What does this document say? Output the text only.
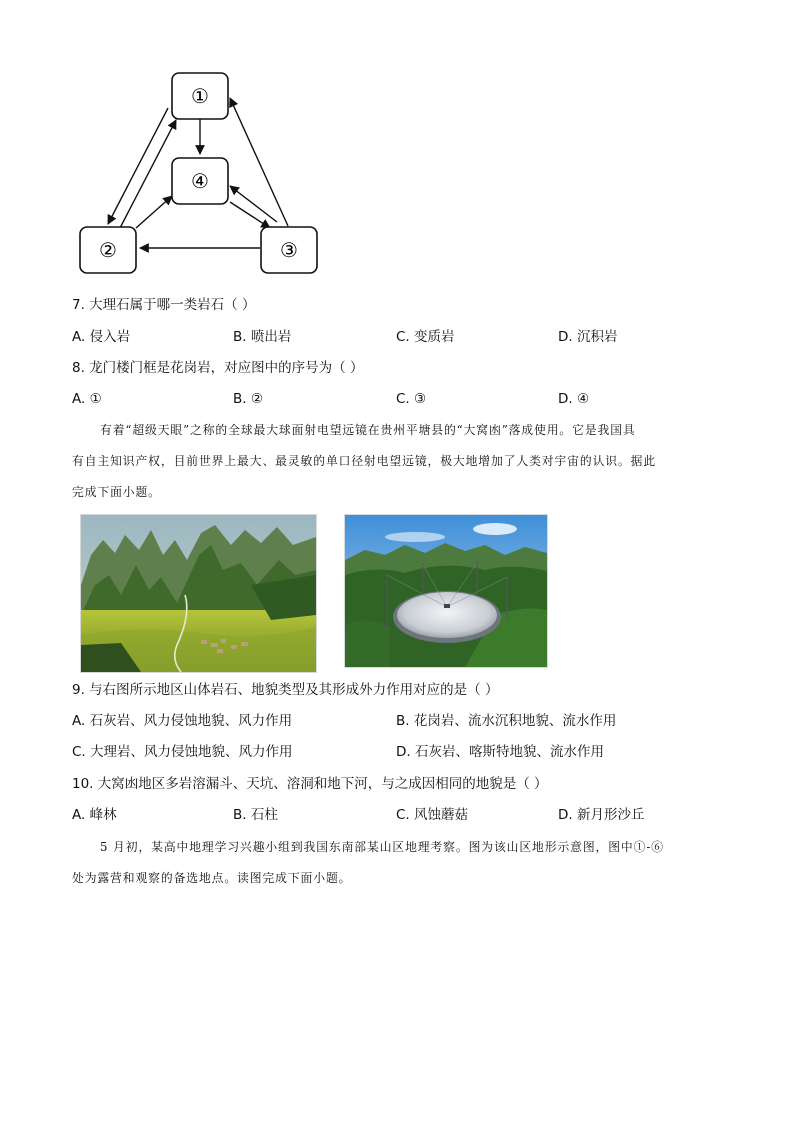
①
④
②	③
7. 大理石属于哪一类岩石（ ）
A. 侵入岩	B. 喷出岩	C. 变质岩	D. 沉积岩
8. 龙门楼门框是花岗岩，对应图中的序号为（ ）
A. ①	B. ②	C. ③	D. ④
有着“超级天眼”之称的全球最大球面射电望远镜在贵州平塘县的“大窝凼”落成使用。它是我国具
有自主知识产权，目前世界上最大、最灵敏的单口径射电望远镜，极大地增加了人类对宇宙的认识。据此
完成下面小题。
9. 与右图所示地区山体岩石、地貌类型及其形成外力作用对应的是（ ）
A. 石灰岩、风力侵蚀地貌、风力作用	B. 花岗岩、流水沉积地貌、流水作用
C. 大理岩、风力侵蚀地貌、风力作用	D. 石灰岩、喀斯特地貌、流水作用
10. 大窝凼地区多岩溶漏斗、天坑、溶洞和地下河，与之成因相同的地貌是（ ）
A. 峰林	B. 石柱	C. 风蚀蘑菇	D. 新月形沙丘
5 月初，某高中地理学习兴趣小组到我国东南部某山区地理考察。图为该山区地形示意图，图中①-⑥
处为露营和观察的备选地点。读图完成下面小题。
